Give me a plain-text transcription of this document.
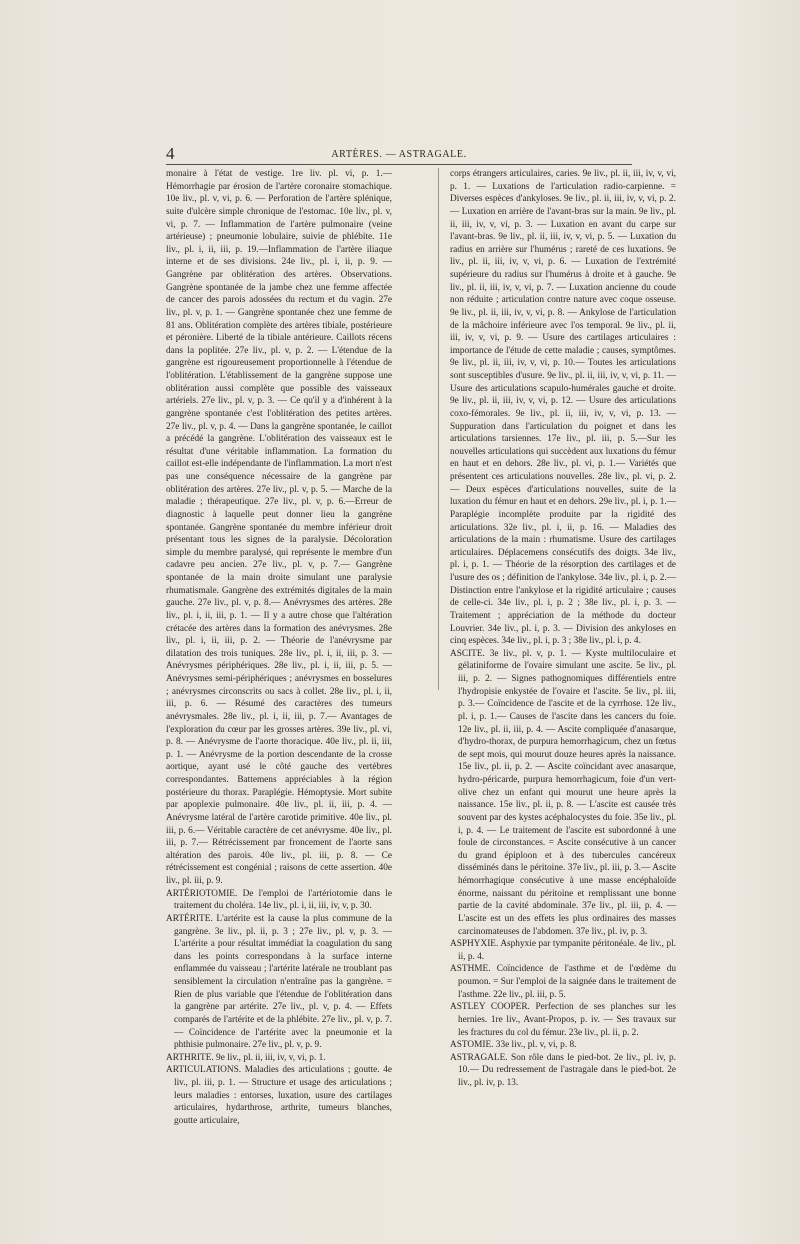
4	ARTÈRES. — ASTRAGALE.

monaire à l'état de vestige. 1re liv. pl. vi, p. 1.—Hémorrhagie par érosion de l'artère coronaire stomachique. 10e liv., pl. v, vi, p. 6. — Perforation de l'artère splénique, suite d'ulcère simple chronique de l'estomac. 10e liv., pl. v, vi, p. 7. — Inflammation de l'artère pulmonaire (veine artérieuse) ; pneumonie lobulaire, suivie de phlébite. 11e liv., pl. i, ii, iii, p. 19.—Inflammation de l'artère iliaque interne et de ses divisions. 24e liv., pl. i, ii, p. 9. — Gangrène par oblitération des artères. Observations. Gangrène spontanée de la jambe chez une femme affectée de cancer des parois adossées du rectum et du vagin. 27e liv., pl. v, p. 1. — Gangrène spontanée chez une femme de 81 ans. Oblitération complète des artères tibiale, postérieure et péronière. Liberté de la tibiale antérieure. Caillots récens dans la poplitée. 27e liv., pl. v, p. 2. — L'étendue de la gangrène est rigoureusement proportionnelle à l'étendue de l'oblitération. L'établissement de la gangrène suppose une oblitération aussi complète que possible des vaisseaux artériels. 27e liv., pl. v, p. 3. — Ce qu'il y a d'inhérent à la gangrène spontanée c'est l'oblitération des petites artères. 27e liv., pl. v, p. 4. — Dans la gangrène spontanée, le caillot a précédé la gangrène. L'oblitération des vaisseaux est le résultat d'une véritable inflammation. La formation du caillot est-elle indépendante de l'inflammation. La mort n'est pas une conséquence nécessaire de la gangrène par oblitération des artères. 27e liv., pl. v, p. 5. — Marche de la maladie ; thérapeutique. 27e liv., pl. v, p. 6.—Erreur de diagnostic à laquelle peut donner lieu la gangrène spontanée. Gangrène spontanée du membre inférieur droit présentant tous les signes de la paralysie. Décoloration simple du membre paralysé, qui représente le membre d'un cadavre peu ancien. 27e liv., pl. v, p. 7.— Gangrène spontanée de la main droite simulant une paralysie rhumatismale. Gangrène des extrémités digitales de la main gauche. 27e liv., pl. v, p. 8.— Anévrysmes des artères. 28e liv., pl. i, ii, iii, p. 1. — Il y a autre chose que l'altération crétacée des artères dans la formation des anévrysmes. 28e liv., pl. i, ii, iii, p. 2. — Théorie de l'anévrysme par dilatation des trois tuniques. 28e liv., pl. i, ii, iii, p. 3. — Anévrysmes périphériques. 28e liv., pl. i, ii, iii, p. 5. — Anévrysmes semi-périphériques ; anévrysmes en bosselures ; anévrysmes circonscrits ou sacs à collet. 28e liv., pl. i, ii, iii, p. 6. — Résumé des caractères des tumeurs anévrysmales. 28e liv., pl. i, ii, iii, p. 7.— Avantages de l'exploration du cœur par les grosses artères. 39e liv., pl. vi, p. 8. — Anévrysme de l'aorte thoracique. 40e liv., pl. ii, iii, p. 1. — Anévrysme de la portion descendante de la crosse aortique, ayant usé le côté gauche des vertèbres correspondantes. Battemens appréciables à la région postérieure du thorax. Paraplégie. Hémoptysie. Mort subite par apoplexie pulmonaire. 40e liv., pl. ii, iii, p. 4. — Anévrysme latéral de l'artère carotide primitive. 40e liv., pl. iii, p. 6.— Véritable caractère de cet anévrysme. 40e liv., pl. iii, p. 7.— Rétrécissement par froncement de l'aorte sans altération des parois. 40e liv., pl. iii, p. 8. — Ce rétrécissement est congénial ; raisons de cette assertion. 40e liv., pl. iii, p. 9.

ARTÉRIOTOMIE. De l'emploi de l'artériotomie dans le traitement du choléra. 14e liv., pl. i, ii, iii, iv, v, p. 30.

ARTÉRITE. L'artérite est la cause la plus commune de la gangrène. 3e liv., pl. ii, p. 3 ; 27e liv., pl. v, p. 3. — L'artérite a pour résultat immédiat la coagulation du sang dans les points correspondans à la surface interne enflammée du vaisseau ; l'artérite latérale ne troublant pas sensiblement la circulation n'entraîne pas la gangrène. = Rien de plus variable que l'étendue de l'oblitération dans la gangrène par artérite. 27e liv., pl. v, p. 4. — Effets comparés de l'artérite et de la phlébite. 27e liv., pl. v, p. 7. — Coïncidence de l'artérite avec la pneumonie et la phthisie pulmonaire. 27e liv., pl. v, p. 9.

ARTHRITE. 9e liv., pl. ii, iii, iv, v, vi, p. 1.

ARTICULATIONS. Maladies des articulations ; goutte. 4e liv., pl. iii, p. 1. — Structure et usage des articulations ; leurs maladies : entorses, luxation, usure des cartilages articulaires, hydarthrose, arthrite, tumeurs blanches, goutte articulaire,

corps étrangers articulaires, caries. 9e liv., pl. ii, iii, iv, v, vi, p. 1. — Luxations de l'articulation radio-carpienne. = Diverses espèces d'ankyloses. 9e liv., pl. ii, iii, iv, v, vi, p. 2. — Luxation en arrière de l'avant-bras sur la main. 9e liv., pl. ii, iii, iv, v, vi, p. 3. — Luxation en avant du carpe sur l'avant-bras. 9e liv., pl. ii, iii, iv, v, vi, p. 5. — Luxation du radius en arrière sur l'humérus ; rareté de ces luxations. 9e liv., pl. ii, iii, iv, v, vi, p. 6. — Luxation de l'extrémité supérieure du radius sur l'humérus à droite et à gauche. 9e liv., pl. ii, iii, iv, v, vi, p. 7. — Luxation ancienne du coude non réduite ; articulation contre nature avec coque osseuse. 9e liv., pl. ii, iii, iv, v, vi, p. 8. — Ankylose de l'articulation de la mâchoire inférieure avec l'os temporal. 9e liv., pl. ii, iii, iv, v, vi, p. 9. — Usure des cartilages articulaires : importance de l'étude de cette maladie ; causes, symptômes. 9e liv., pl. ii, iii, iv, v, vi, p. 10.— Toutes les articulations sont susceptibles d'usure. 9e liv., pl. ii, iii, iv, v, vi, p. 11. — Usure des articulations scapulo-humérales gauche et droite. 9e liv., pl. ii, iii, iv, v, vi, p. 12. — Usure des articulations coxo-fémorales. 9e liv., pl. ii, iii, iv, v, vi, p. 13. — Suppuration dans l'articulation du poignet et dans les articulations tarsiennes. 17e liv., pl. iii, p. 5.—Sur les nouvelles articulations qui succèdent aux luxations du fémur en haut et en dehors. 28e liv., pl. vi, p. 1.— Variétés que présentent ces articulations nouvelles. 28e liv., pl. vi, p. 2. — Deux espèces d'articulations nouvelles, suite de la luxation du fémur en haut et en dehors. 29e liv., pl. i, p. 1.— Paraplégie incomplète produite par la rigidité des articulations. 32e liv., pl. i, ii, p. 16. — Maladies des articulations de la main : rhumatisme. Usure des cartilages articulaires. Déplacemens consécutifs des doigts. 34e liv., pl. i, p. 1. — Théorie de la résorption des cartilages et de l'usure des os ; définition de l'ankylose. 34e liv., pl. i, p. 2.— Distinction entre l'ankylose et la rigidité articulaire ; causes de celle-ci. 34e liv., pl. i, p. 2 ; 38e liv., pl. i, p. 3. — Traitement ; appréciation de la méthode du docteur Louvrier. 34e liv., pl. i, p. 3. — Division des ankyloses en cinq espèces. 34e liv., pl. i, p. 3 ; 38e liv., pl. i, p. 4.

ASCITE. 3e liv., pl. v, p. 1. — Kyste multiloculaire et gélatiniforme de l'ovaire simulant une ascite. 5e liv., pl. iii, p. 2. — Signes pathognomiques différentiels entre l'hydropisie enkystée de l'ovaire et l'ascite. 5e liv., pl. iii, p. 3.— Coïncidence de l'ascite et de la cyrrhose. 12e liv., pl. i, p. 1.— Causes de l'ascite dans les cancers du foie. 12e liv., pl. ii, iii, p. 4. — Ascite compliquée d'anasarque, d'hydro-thorax, de purpura hemorrhagicum, chez un fœtus de sept mois, qui mourut douze heures après la naissance. 15e liv., pl. ii, p. 2. — Ascite coïncidant avec anasarque, hydro-péricarde, purpura hemorrhagicum, foie d'un vert-olive chez un enfant qui mourut une heure après la naissance. 15e liv., pl. ii, p. 8. — L'ascite est causée très souvent par des kystes acéphalocystes du foie. 35e liv., pl. i, p. 4. — Le traitement de l'ascite est subordonné à une foule de circonstances. = Ascite consécutive à un cancer du grand épiploon et à des tubercules cancéreux disséminés dans le péritoine. 37e liv., pl. iii, p. 3.— Ascite hémorrhagique consécutive à une masse encéphaloïde énorme, naissant du péritoine et remplissant une bonne partie de la cavité abdominale. 37e liv., pl. iii, p. 4. — L'ascite est un des effets les plus ordinaires des masses carcinomateuses de l'abdomen. 37e liv., pl. iv, p. 3.

ASPHYXIE. Asphyxie par tympanite péritonéale. 4e liv., pl. ii, p. 4.

ASTHME. Coïncidence de l'asthme et de l'œdème du poumon. = Sur l'emploi de la saignée dans le traitement de l'asthme. 22e liv., pl. iii, p. 5.

ASTLEY COOPER. Perfection de ses planches sur les hernies. 1re liv., Avant-Propos, p. iv. — Ses travaux sur les fractures du col du fémur. 23e liv., pl. ii, p. 2.

ASTOMIE. 33e liv., pl. v, vi, p. 8.

ASTRAGALE. Son rôle dans le pied-bot. 2e liv., pl. iv, p. 10.— Du redressement de l'astragale dans le pied-bot. 2e liv., pl. iv, p. 13.
